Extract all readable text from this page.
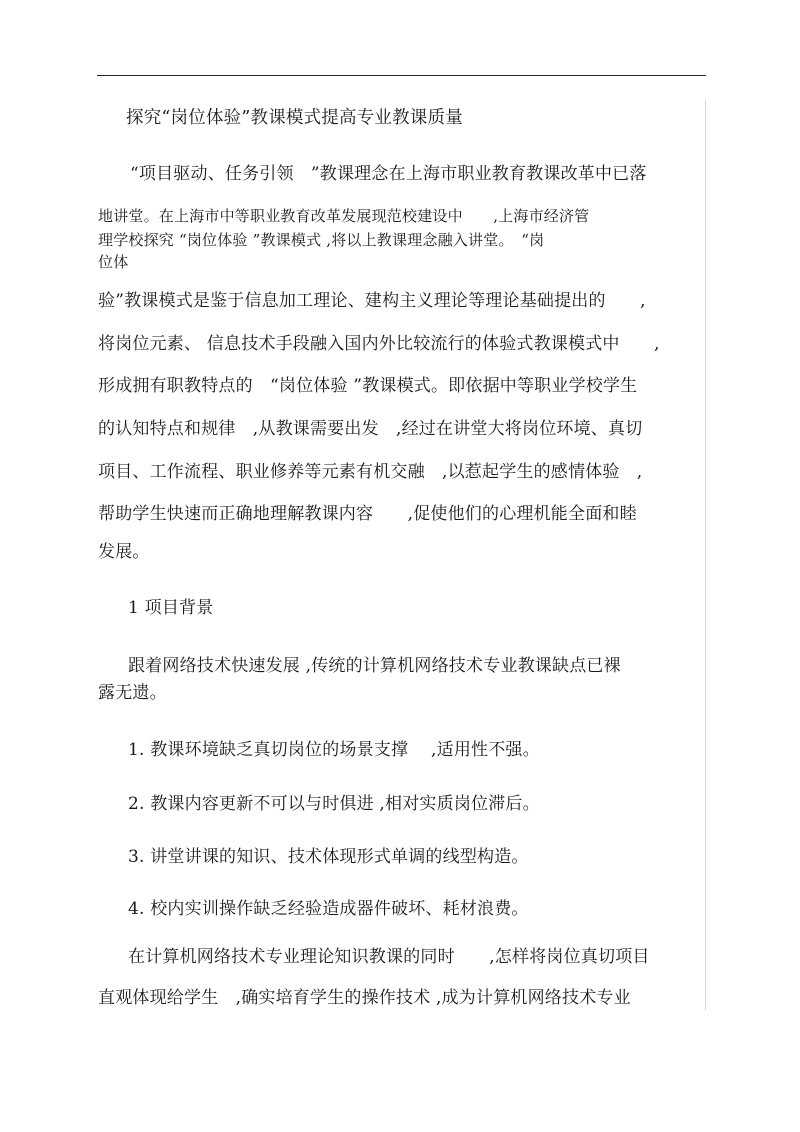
探究“岗位体验”教课模式提高专业教课质量
“项目驱动、任务引领　”教课理念在上海市职业教育教课改革中已落
地讲堂。在上海市中等职业教育改革发展现范校建设中　　,上海市经济管
理学校探究 “岗位体验 ”教课模式 ,将以上教课理念融入讲堂。　“岗
位体
验”教课模式是鉴于信息加工理论、建构主义理论等理论基础提出的　　,
将岗位元素、 信息技术手段融入国内外比较流行的体验式教课模式中　　,
形成拥有职教特点的　“岗位体验 ”教课模式。即依据中等职业学校学生
的认知特点和规律　,从教课需要出发　,经过在讲堂大将岗位环境、真切
项目、工作流程、职业修养等元素有机交融　,以惹起学生的感情体验　,
帮助学生快速而正确地理解教课内容　　,促使他们的心理机能全面和睦
发展。
1 项目背景
跟着网络技术快速发展 ,传统的计算机网络技术专业教课缺点已裸
露无遗。
1. 教课环境缺乏真切岗位的场景支撑　 ,适用性不强。
2. 教课内容更新不可以与时俱进 ,相对实质岗位滞后。
3. 讲堂讲课的知识、技术体现形式单调的线型构造。
4. 校内实训操作缺乏经验造成器件破坏、耗材浪费。
在计算机网络技术专业理论知识教课的同时　　,怎样将岗位真切项目
直观体现给学生　,确实培育学生的操作技术 ,成为计算机网络技术专业
